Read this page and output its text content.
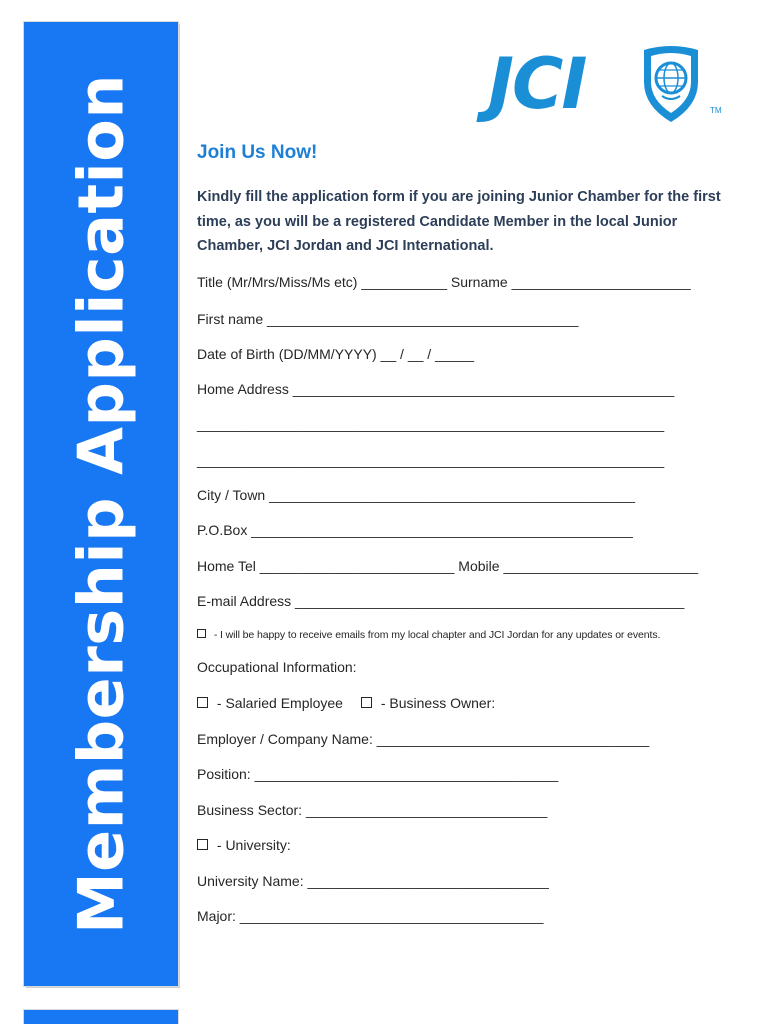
Membership Application	JCI	TM
Join Us Now!
Kindly fill the application form if you are joining Junior Chamber for the first time, as you will be a registered Candidate Member in the local Junior Chamber, JCI Jordan and JCI International.
Title (Mr/Mrs/Miss/Ms etc) ___________ Surname _______________________
First name ________________________________________
Date of Birth (DD/MM/YYYY) __ / __ / _____
Home Address _________________________________________________
____________________________________________________________
____________________________________________________________
City / Town _______________________________________________
P.O.Box _________________________________________________
Home Tel _________________________ Mobile _________________________
E-mail Address __________________________________________________
- I will be happy to receive emails from my local chapter and JCI Jordan for any updates or events.
Occupational Information:
- Salaried Employee - Business Owner:
Employer / Company Name: ___________________________________
Position: _______________________________________
Business Sector: _______________________________
- University:
University Name: _______________________________
Major: _______________________________________
